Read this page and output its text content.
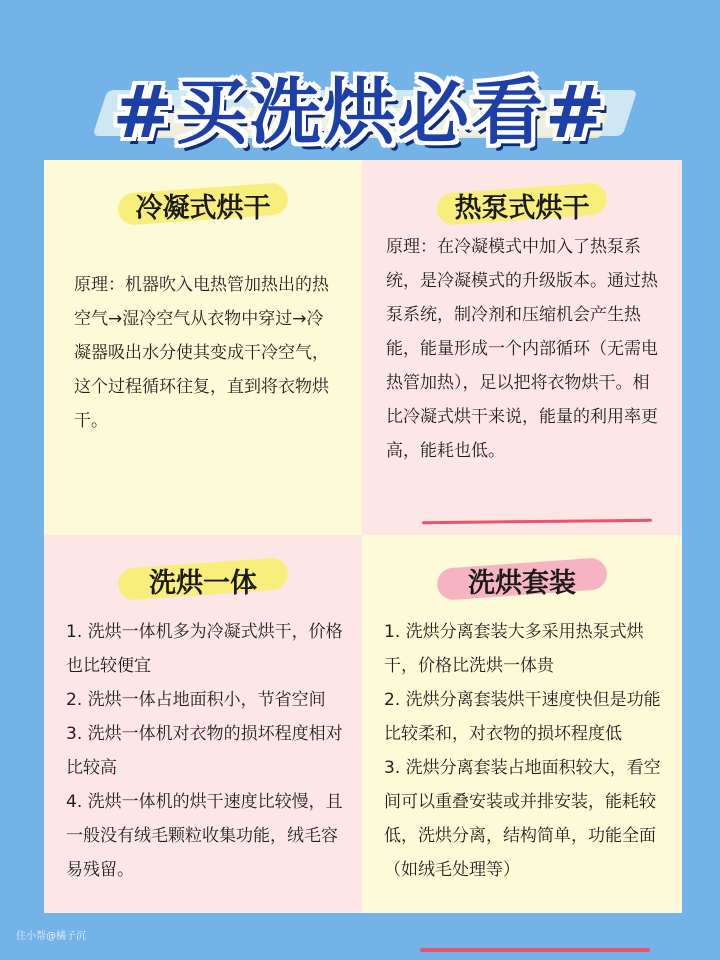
#买洗烘必看#
冷凝式烘干
原理：机器吹入电热管加热出的热空气→湿冷空气从衣物中穿过→冷凝器吸出水分使其变成干冷空气，这个过程循环往复，直到将衣物烘干。
热泵式烘干
原理：在冷凝模式中加入了热泵系统，是冷凝模式的升级版本。通过热泵系统，制冷剂和压缩机会产生热能，能量形成一个内部循环（无需电热管加热），足以把将衣物烘干。相比冷凝式烘干来说，能量的利用率更高，能耗也低。
洗烘一体

1. 洗烘一体机多为冷凝式烘干，价格也比较便宜

2. 洗烘一体占地面积小，节省空间

3. 洗烘一体机对衣物的损坏程度相对比较高

4. 洗烘一体机的烘干速度比较慢，且一般没有绒毛颗粒收集功能，绒毛容易残留。

洗烘套装

1. 洗烘分离套装大多采用热泵式烘干，价格比洗烘一体贵

2. 洗烘分离套装烘干速度快但是功能比较柔和，对衣物的损坏程度低

3. 洗烘分离套装占地面积较大，看空间可以重叠安装或并排安装，能耗较低，洗烘分离，结构简单，功能全面（如绒毛处理等）

住小帮@橘子沉
